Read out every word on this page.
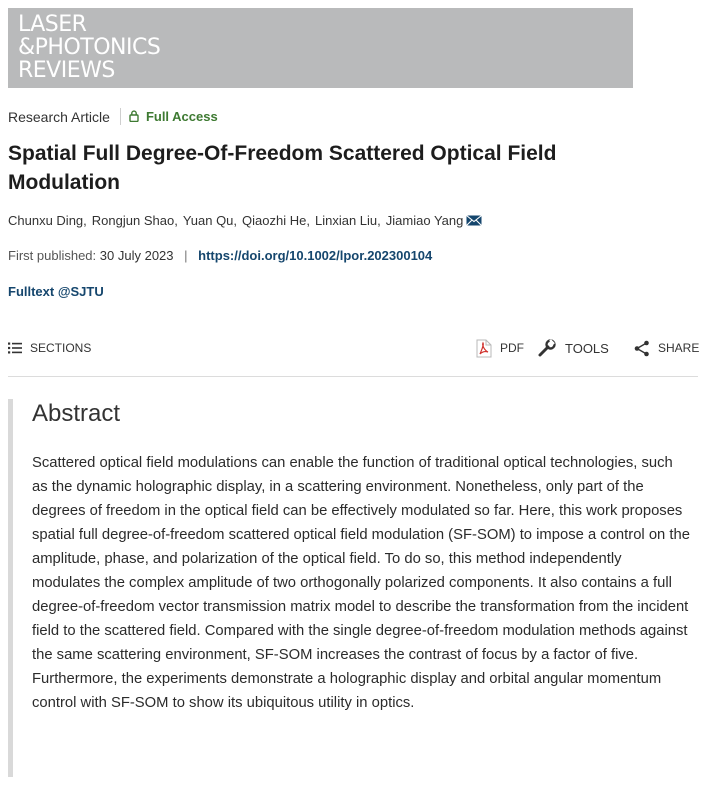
LASER
&PHOTONICS
REVIEWS
Research Article	Full Access
Spatial Full Degree-Of-Freedom Scattered Optical Field Modulation
Chunxu Ding , Rongjun Shao , Yuan Qu , Qiaozhi He , Linxian Liu , Jiamiao Yang
First published: 30 July 2023 | https://doi.org/10.1002/lpor.202300104
Fulltext @SJTU
SECTIONS	PDF	TOOLS	SHARE
Abstract

Scattered optical field modulations can enable the function of traditional optical technologies, such as the dynamic holographic display, in a scattering environment. Nonetheless, only part of the degrees of freedom in the optical field can be effectively modulated so far. Here, this work proposes spatial full degree-of-freedom scattered optical field modulation (SF-SOM) to impose a control on the amplitude, phase, and polarization of the optical field. To do so, this method independently modulates the complex amplitude of two orthogonally polarized components. It also contains a full degree-of-freedom vector transmission matrix model to describe the transformation from the incident field to the scattered field. Compared with the single degree-of-freedom modulation methods against the same scattering environment, SF-SOM increases the contrast of focus by a factor of five. Furthermore, the experiments demonstrate a holographic display and orbital angular momentum control with SF-SOM to show its ubiquitous utility in optics.
